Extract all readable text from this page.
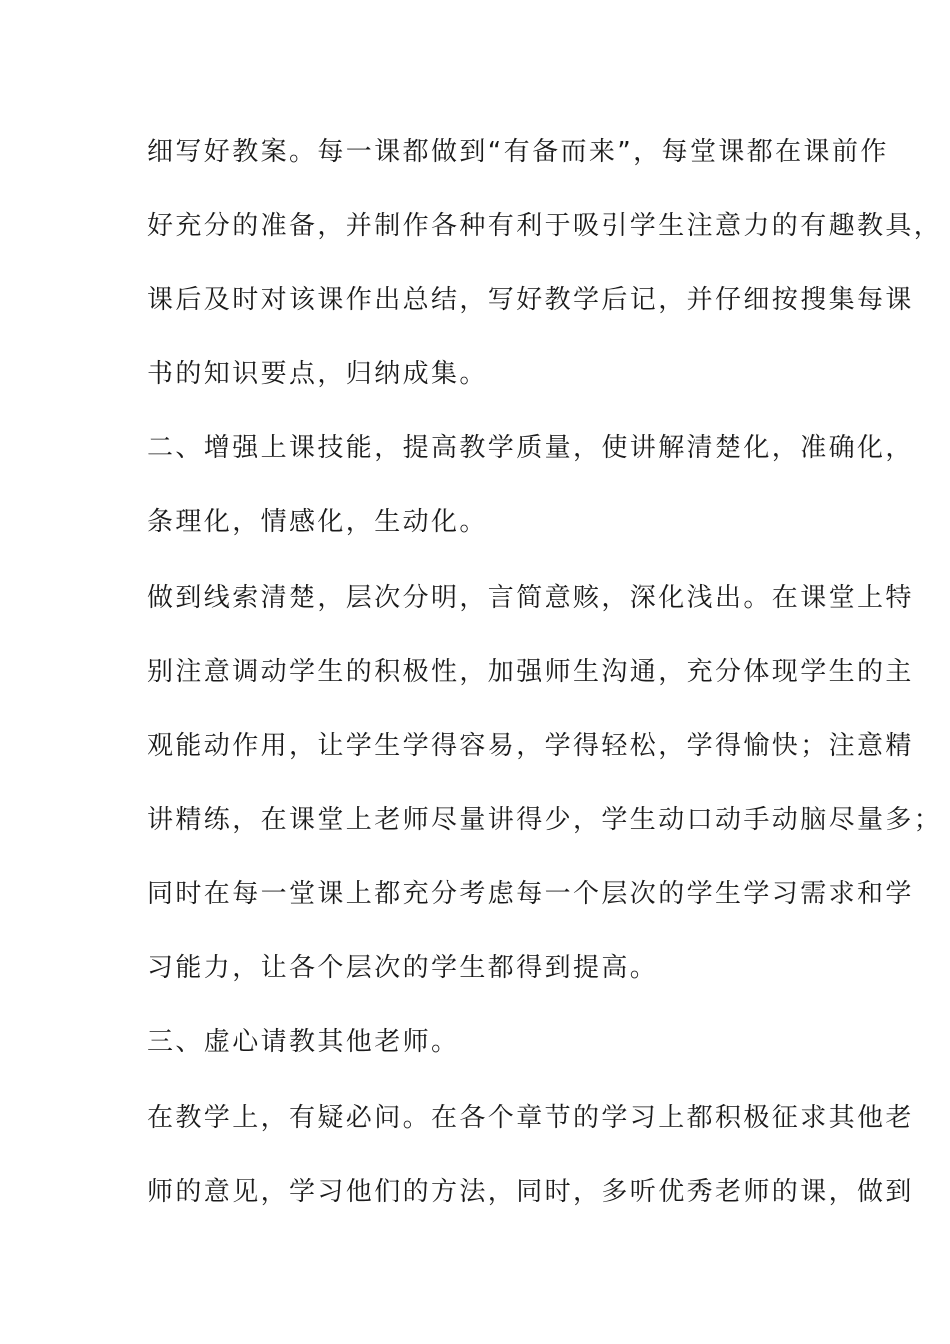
细写好教案。每一课都做到“有备而来”，每堂课都在课前作
好充分的准备，并制作各种有利于吸引学生注意力的有趣教具，
课后及时对该课作出总结，写好教学后记，并仔细按搜集每课
书的知识要点，归纳成集。
二、增强上课技能，提高教学质量，使讲解清楚化，准确化，
条理化，情感化，生动化。
做到线索清楚，层次分明，言简意赅，深化浅出。在课堂上特
别注意调动学生的积极性，加强师生沟通，充分体现学生的主
观能动作用，让学生学得容易，学得轻松，学得愉快；注意精
讲精练，在课堂上老师尽量讲得少，学生动口动手动脑尽量多；
同时在每一堂课上都充分考虑每一个层次的学生学习需求和学
习能力，让各个层次的学生都得到提高。
三、虚心请教其他老师。
在教学上，有疑必问。在各个章节的学习上都积极征求其他老
师的意见，学习他们的方法，同时，多听优秀老师的课，做到
